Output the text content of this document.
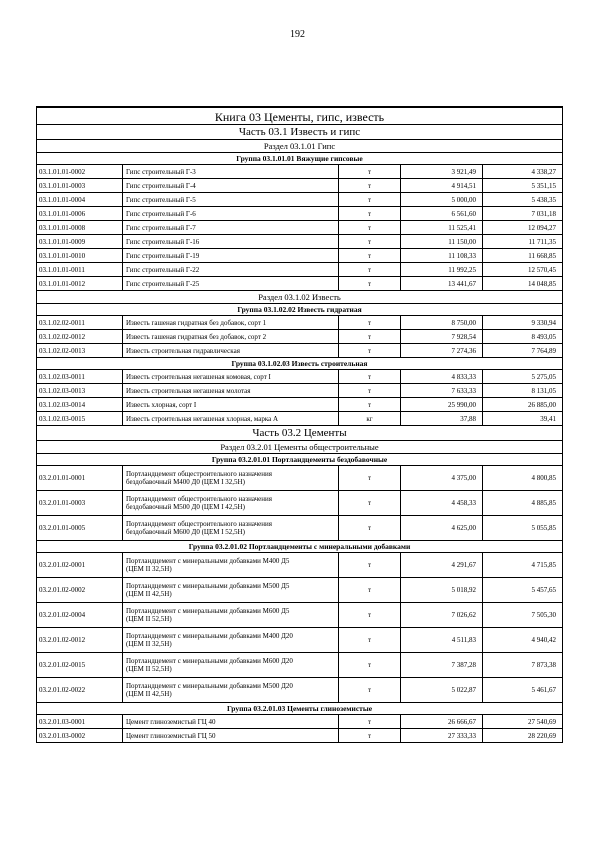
192
Книга 03 Цементы, гипс, известь				
Часть 03.1 Известь и гипс				
Раздел 03.1.01 Гипс				
Группа 03.1.01.01 Вяжущие гипсовые				
03.1.01.01-0002	Гипс строительный Г-3	т	3 921,49	4 338,27
03.1.01.01-0003	Гипс строительный Г-4	т	4 914,51	5 351,15
03.1.01.01-0004	Гипс строительный Г-5	т	5 000,00	5 438,35
03.1.01.01-0006	Гипс строительный Г-6	т	6 561,60	7 031,18
03.1.01.01-0008	Гипс строительный Г-7	т	11 525,41	12 094,27
03.1.01.01-0009	Гипс строительный Г-16	т	11 150,00	11 711,35
03.1.01.01-0010	Гипс строительный Г-19	т	11 108,33	11 668,85
03.1.01.01-0011	Гипс строительный Г-22	т	11 992,25	12 570,45
03.1.01.01-0012	Гипс строительный Г-25	т	13 441,67	14 048,85
Раздел 03.1.02 Известь				
Группа 03.1.02.02 Известь гидратная				
03.1.02.02-0011	Известь гашеная гидратная без добавок, сорт 1	т	8 750,00	9 330,94
03.1.02.02-0012	Известь гашеная гидратная без добавок, сорт 2	т	7 928,54	8 493,05
03.1.02.02-0013	Известь строительная гидравлическая	т	7 274,36	7 764,89
Группа 03.1.02.03 Известь строительная				
03.1.02.03-0011	Известь строительная негашеная комовая, сорт I	т	4 833,33	5 275,05
03.1.02.03-0013	Известь строительная негашеная молотая	т	7 633,33	8 131,05
03.1.02.03-0014	Известь хлорная, сорт I	т	25 990,00	26 885,00
03.1.02.03-0015	Известь строительная негашеная хлорная, марка А	кг	37,88	39,41
Часть 03.2 Цементы				
Раздел 03.2.01 Цементы общестроительные				
Группа 03.2.01.01 Портландцементы бездобавочные				
03.2.01.01-0001	Портландцемент общестроительного назначения
бездобавочный М400 Д0 (ЦЕМ I 32,5Н)	т	4 375,00	4 800,85
03.2.01.01-0003	Портландцемент общестроительного назначения
бездобавочный М500 Д0 (ЦЕМ I 42,5Н)	т	4 458,33	4 885,85
03.2.01.01-0005	Портландцемент общестроительного назначения
бездобавочный М600 Д0 (ЦЕМ I 52,5Н)	т	4 625,00	5 055,85
Группа 03.2.01.02 Портландцементы с минеральными добавками				
03.2.01.02-0001	Портландцемент с минеральными добавками М400 Д5
(ЦЕМ II 32,5Н)	т	4 291,67	4 715,85
03.2.01.02-0002	Портландцемент с минеральными добавками М500 Д5
(ЦЕМ II 42,5Н)	т	5 018,92	5 457,65
03.2.01.02-0004	Портландцемент с минеральными добавками М600 Д5
(ЦЕМ II 52,5Н)	т	7 026,62	7 505,30
03.2.01.02-0012	Портландцемент с минеральными добавками М400 Д20
(ЦЕМ II 32,5Н)	т	4 511,83	4 940,42
03.2.01.02-0015	Портландцемент с минеральными добавками М600 Д20
(ЦЕМ II 52,5Н)	т	7 387,28	7 873,38
03.2.01.02-0022	Портландцемент с минеральными добавками М500 Д20
(ЦЕМ II 42,5Н)	т	5 022,87	5 461,67
Группа 03.2.01.03 Цементы глиноземистые				
03.2.01.03-0001	Цемент глиноземистый ГЦ 40	т	26 666,67	27 540,69
03.2.01.03-0002	Цемент глиноземистый ГЦ 50	т	27 333,33	28 220,69
